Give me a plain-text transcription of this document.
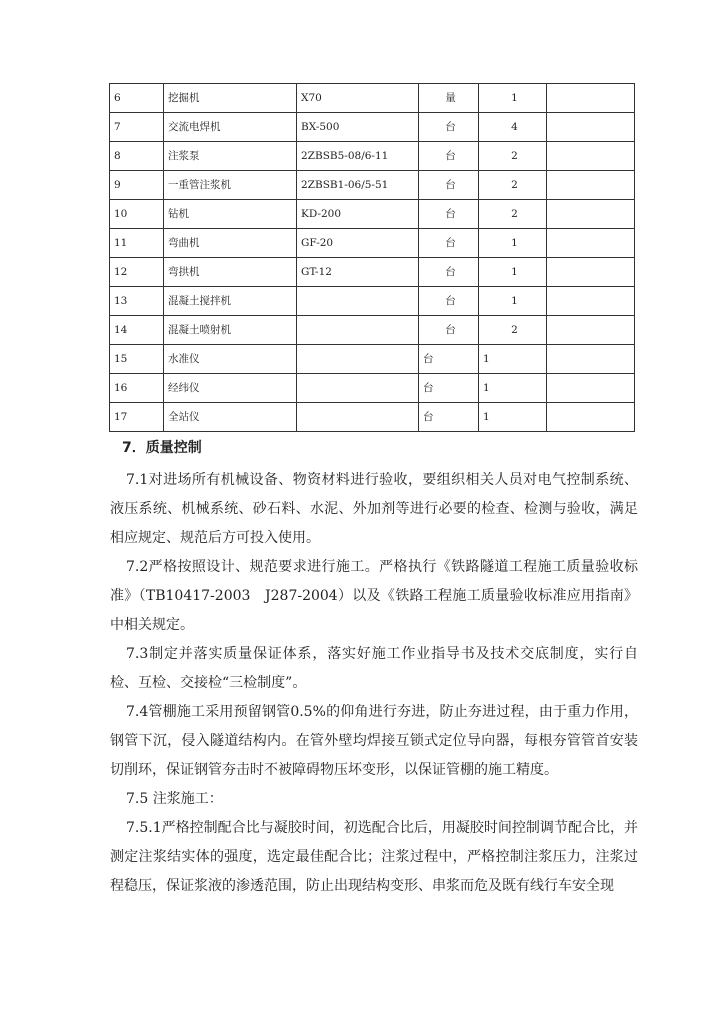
6	挖掘机	X70	量	1	
7	交流电焊机	BX-500	台	4	
8	注浆泵	2ZBSB5-08/6-11	台	2	
9	一重管注浆机	2ZBSB1-06/5-51	台	2	
10	钻机	KD-200	台	2	
11	弯曲机	GF-20	台	1	
12	弯拱机	GT-12	台	1	
13	混凝土搅拌机		台	1	
14	混凝土喷射机		台	2	
15	水准仪		台	1	
16	经纬仪		台	1	
17	全站仪		台	1	
7．质量控制

7.1对进场所有机械设备、物资材料进行验收，要组织相关人员对电气控制系统、液压系统、机械系统、砂石料、水泥、外加剂等进行必要的检查、检测与验收，满足相应规定、规范后方可投入使用。

7.2严格按照设计、规范要求进行施工。严格执行《铁路隧道工程施工质量验收标准》（TB10417-2003　J287-2004）以及《铁路工程施工质量验收标准应用指南》中相关规定。

7.3制定并落实质量保证体系，落实好施工作业指导书及技术交底制度，实行自检、互检、交接检“三检制度”。

7.4管棚施工采用预留钢管0.5%的仰角进行夯进，防止夯进过程，由于重力作用，钢管下沉，侵入隧道结构内。在管外壁均焊接互锁式定位导向器，每根夯管管首安装切削环，保证钢管夯击时不被障碍物压坏变形，以保证管棚的施工精度。

7.5 注浆施工：

7.5.1严格控制配合比与凝胶时间，初选配合比后，用凝胶时间控制调节配合比，并测定注浆结实体的强度，选定最佳配合比；注浆过程中，严格控制注浆压力，注浆过程稳压，保证浆液的渗透范围，防止出现结构变形、串浆而危及既有线行车安全现
